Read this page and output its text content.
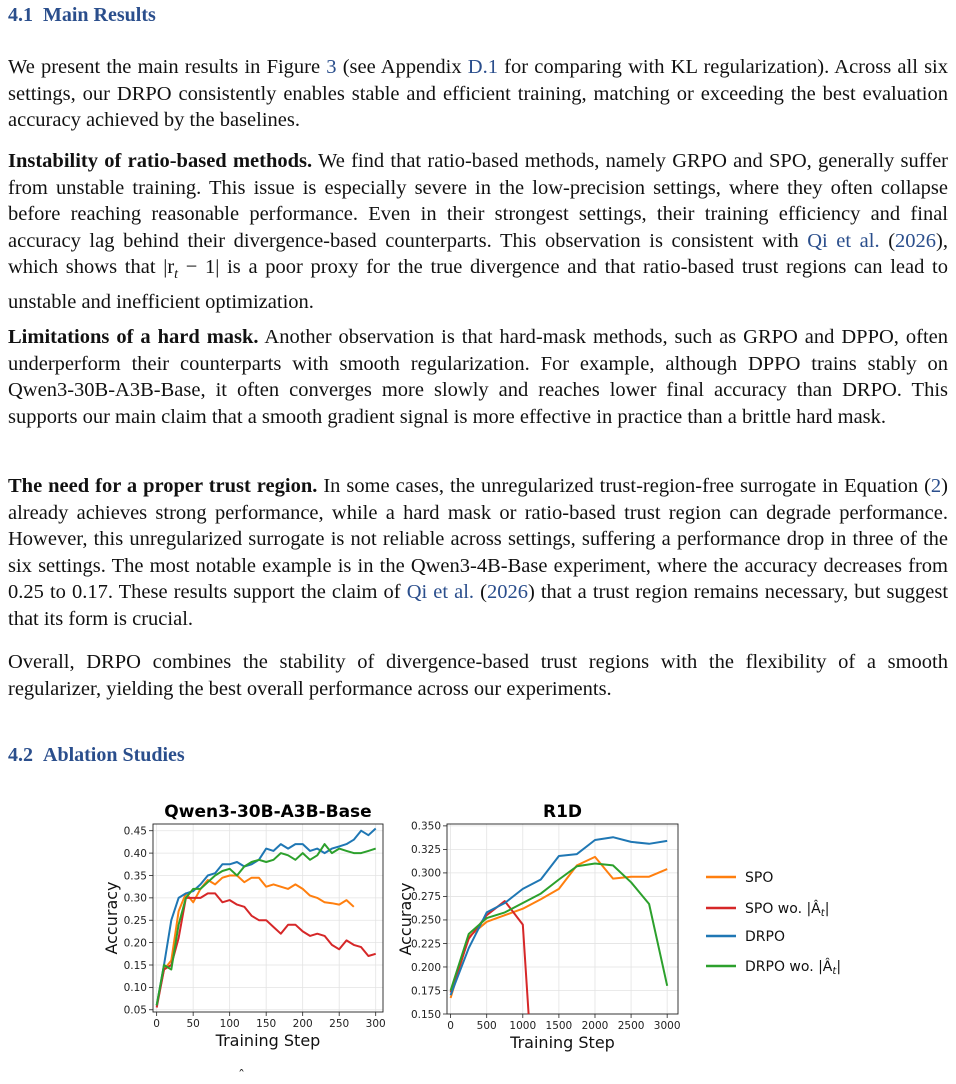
4.1 Main Results

We present the main results in Figure 3 (see Appendix D.1 for comparing with KL regularization). Across all six settings, our DRPO consistently enables stable and efficient training, matching or exceeding the best evaluation accuracy achieved by the baselines.

Instability of ratio-based methods. We find that ratio-based methods, namely GRPO and SPO, generally suffer from unstable training. This issue is especially severe in the low-precision settings, where they often collapse before reaching reasonable performance. Even in their strongest settings, their training efficiency and final accuracy lag behind their divergence-based counterparts. This observation is consistent with Qi et al. (2026), which shows that $|r_t - 1|$ is a poor proxy for the true divergence and that ratio-based trust regions can lead to unstable and inefficient optimization.

Limitations of a hard mask. Another observation is that hard-mask methods, such as GRPO and DPPO, often underperform their counterparts with smooth regularization. For example, although DPPO trains stably on Qwen3-30B-A3B-Base, it often converges more slowly and reaches lower final accuracy than DRPO. This supports our main claim that a smooth gradient signal is more effective in practice than a brittle hard mask.

The need for a proper trust region. In some cases, the unregularized trust-region-free surrogate in Equation (2) already achieves strong performance, while a hard mask or ratio-based trust region can degrade performance. However, this unregularized surrogate is not reliable across settings, suffering a performance drop in three of the six settings. The most notable example is in the Qwen3-4B-Base experiment, where the accuracy decreases from 0.25 to 0.17. These results support the claim of Qi et al. (2026) that a trust region remains necessary, but suggest that its form is crucial.

Overall, DRPO combines the stability of divergence-based trust regions with the flexibility of a smooth regularizer, yielding the best overall performance across our experiments.

4.2 Ablation Studies
0	50 100 150 200 250 300
0.05
0.10
0.15
0.20
0.25
0.30
0.35
0.40
0.45
Qwen3-30B-A3B-Base
Training Step
Accuracy
0 500 1000 1500 2000 2500 3000
0.150
0.175
0.200
0.225
0.250
0.275
0.300
0.325
0.350
R1D
Training Step
Accuracy
SPO
SPO wo. $|Â_t|$
DRPO
DRPO wo. $|Â_t|$
ˆ
